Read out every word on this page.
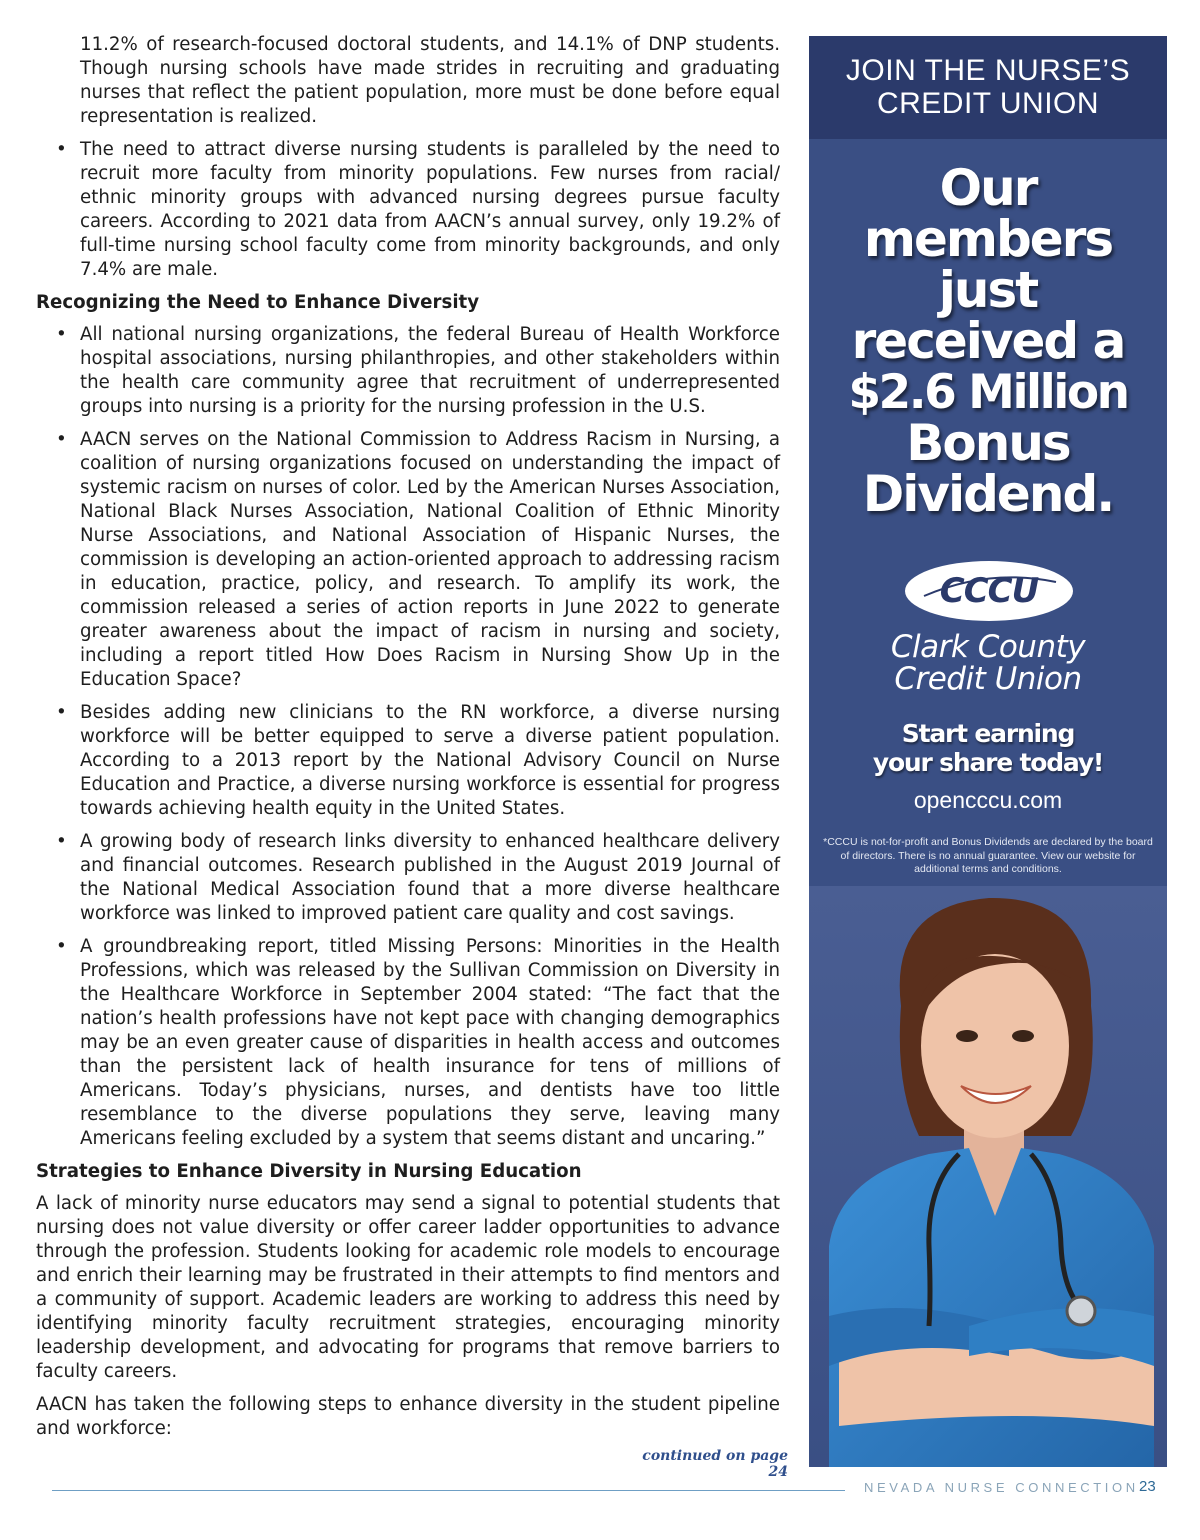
11.2% of research-focused doctoral students, and 14.1% of DNP students. Though nursing schools have made strides in recruiting and graduating nurses that reflect the patient population, more must be done before equal representation is realized.
• The need to attract diverse nursing students is paralleled by the need to recruit more faculty from minority populations. Few nurses from racial/ ethnic minority groups with advanced nursing degrees pursue faculty careers. According to 2021 data from AACN’s annual survey, only 19.2% of full-time nursing school faculty come from minority backgrounds, and only 7.4% are male.
Recognizing the Need to Enhance Diversity
• All national nursing organizations, the federal Bureau of Health Workforce hospital associations, nursing philanthropies, and other stakeholders within the health care community agree that recruitment of underrepresented groups into nursing is a priority for the nursing profession in the U.S.
• AACN serves on the National Commission to Address Racism in Nursing, a coalition of nursing organizations focused on understanding the impact of systemic racism on nurses of color. Led by the American Nurses Association, National Black Nurses Association, National Coalition of Ethnic Minority Nurse Associations, and National Association of Hispanic Nurses, the commission is developing an action-oriented approach to addressing racism in education, practice, policy, and research. To amplify its work, the commission released a series of action reports in June 2022 to generate greater awareness about the impact of racism in nursing and society, including a report titled How Does Racism in Nursing Show Up in the Education Space?
• Besides adding new clinicians to the RN workforce, a diverse nursing workforce will be better equipped to serve a diverse patient population. According to a 2013 report by the National Advisory Council on Nurse Education and Practice, a diverse nursing workforce is essential for progress towards achieving health equity in the United States.
• A growing body of research links diversity to enhanced healthcare delivery and financial outcomes. Research published in the August 2019 Journal of the National Medical Association found that a more diverse healthcare workforce was linked to improved patient care quality and cost savings.
• A groundbreaking report, titled Missing Persons: Minorities in the Health Professions, which was released by the Sullivan Commission on Diversity in the Healthcare Workforce in September 2004 stated: “The fact that the nation’s health professions have not kept pace with changing demographics may be an even greater cause of disparities in health access and outcomes than the persistent lack of health insurance for tens of millions of Americans. Today’s physicians, nurses, and dentists have too little resemblance to the diverse populations they serve, leaving many Americans feeling excluded by a system that seems distant and uncaring.”
Strategies to Enhance Diversity in Nursing Education

A lack of minority nurse educators may send a signal to potential students that nursing does not value diversity or offer career ladder opportunities to advance through the profession. Students looking for academic role models to encourage and enrich their learning may be frustrated in their attempts to find mentors and a community of support. Academic leaders are working to address this need by identifying minority faculty recruitment strategies, encouraging minority leadership development, and advocating for programs that remove barriers to faculty careers.

AACN has taken the following steps to enhance diversity in the student pipeline and workforce:

continued on page 24
NEVADA NURSE CONNECTION 23
JOIN THE NURSE’S
CREDIT UNION
Our
members
just
received a
$2.6 Million
Bonus
Dividend.
CCCU
Clark County
Credit Union
Start earning
your share today!
opencccu.com
*CCCU is not-for-profit and Bonus Dividends are declared by the board of directors. There is no annual guarantee. View our website for additional terms and conditions.
